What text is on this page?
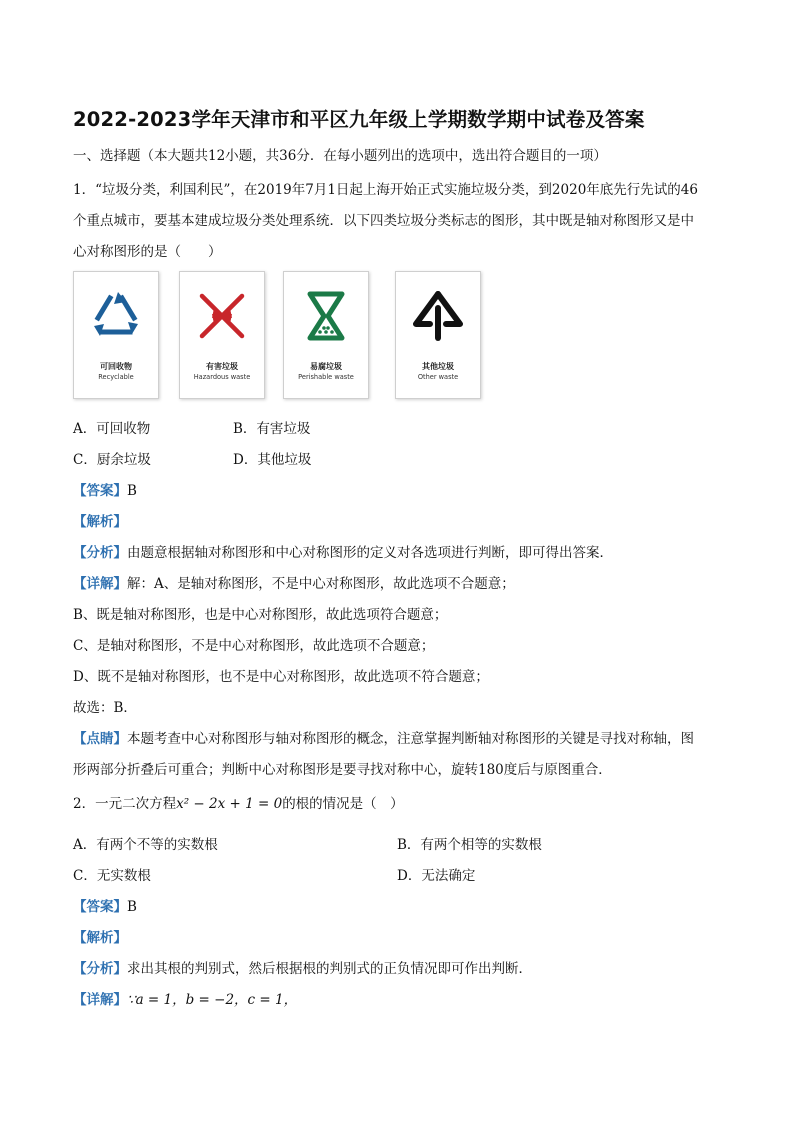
2022-2023学年天津市和平区九年级上学期数学期中试卷及答案
一、选择题（本大题共12小题，共36分．在每小题列出的选项中，选出符合题目的一项）
1．“垃圾分类，利国利民”，在2019年7月1日起上海开始正式实施垃圾分类，到2020年底先行先试的46
个重点城市，要基本建成垃圾分类处理系统．以下四类垃圾分类标志的图形，其中既是轴对称图形又是中
心对称图形的是（　　）
可回收物
Recyclable
有害垃圾
Hazardous waste
易腐垃圾
Perishable waste
其他垃圾
Other waste
A．可回收物	B．有害垃圾
C．厨余垃圾	D．其他垃圾
【答案】B
【解析】
【分析】由题意根据轴对称图形和中心对称图形的定义对各选项进行判断，即可得出答案．
【详解】解：A、是轴对称图形，不是中心对称图形，故此选项不合题意；
B、既是轴对称图形，也是中心对称图形，故此选项符合题意；
C、是轴对称图形，不是中心对称图形，故此选项不合题意；
D、既不是轴对称图形，也不是中心对称图形，故此选项不符合题意；
故选：B．
【点睛】本题考查中心对称图形与轴对称图形的概念，注意掌握判断轴对称图形的关键是寻找对称轴，图
形两部分折叠后可重合；判断中心对称图形是要寻找对称中心，旋转180度后与原图重合．
2．一元二次方程x² − 2x + 1 = 0的根的情况是（　）
A．有两个不等的实数根	B．有两个相等的实数根
C．无实数根	D．无法确定
【答案】B
【解析】
【分析】求出其根的判别式，然后根据根的判别式的正负情况即可作出判断．
【详解】∵a = 1，b = −2，c = 1，
